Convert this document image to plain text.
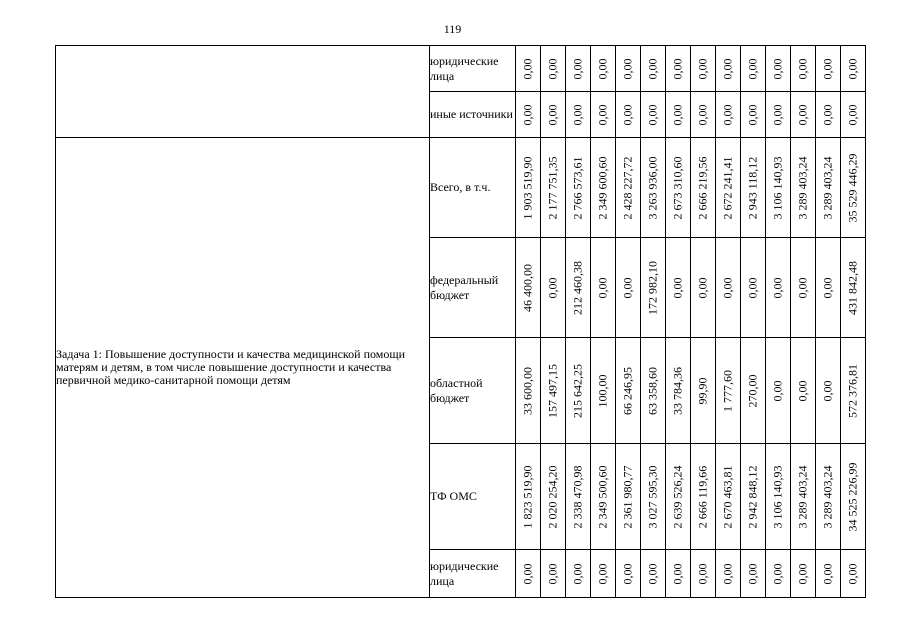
119
	юридические лица	0,00	0,00	0,00	0,00	0,00	0,00	0,00	0,00	0,00	0,00	0,00	0,00	0,00	0,00

	иные источники	0,00	0,00	0,00	0,00	0,00	0,00	0,00	0,00	0,00	0,00	0,00	0,00	0,00	0,00

Задача 1: Повышение доступности и качества медицинской помощи матерям и детям, в том числе повышение доступности и качества первичной медико-санитарной помощи детям	Всего, в т.ч.	1 903 519,90	2 177 751,35	2 766 573,61	2 349 600,60	2 428 227,72	3 263 936,00	2 673 310,60	2 666 219,56	2 672 241,41	2 943 118,12	3 106 140,93	3 289 403,24	3 289 403,24	35 529 446,29

	федеральный бюджет	46 400,00	0,00	212 460,38	0,00	0,00	172 982,10	0,00	0,00	0,00	0,00	0,00	0,00	0,00	431 842,48

	областной бюджет	33 600,00	157 497,15	215 642,25	100,00	66 246,95	63 358,60	33 784,36	99,90	1 777,60	270,00	0,00	0,00	0,00	572 376,81

	ТФ ОМС	1 823 519,90	2 020 254,20	2 338 470,98	2 349 500,60	2 361 980,77	3 027 595,30	2 639 526,24	2 666 119,66	2 670 463,81	2 942 848,12	3 106 140,93	3 289 403,24	3 289 403,24	34 525 226,99

	юридические лица	0,00	0,00	0,00	0,00	0,00	0,00	0,00	0,00	0,00	0,00	0,00	0,00	0,00	0,00
